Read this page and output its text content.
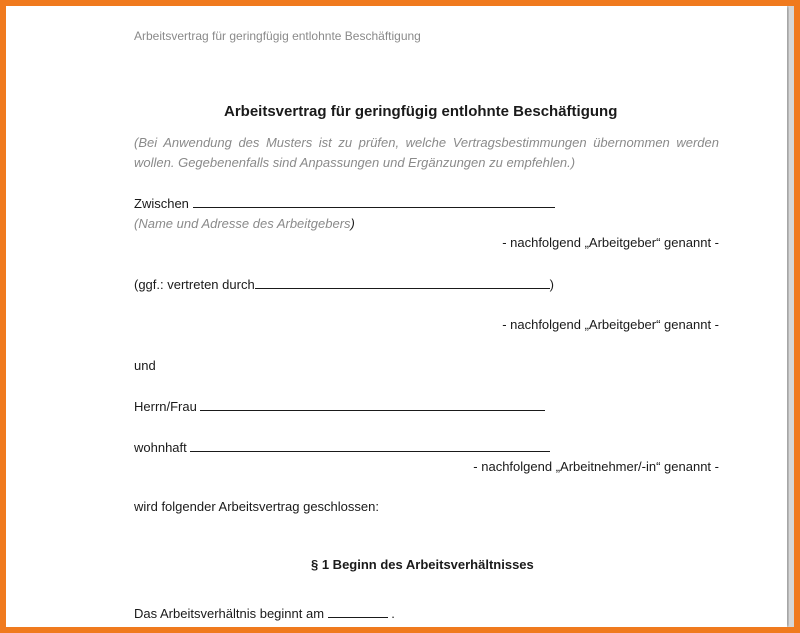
Arbeitsvertrag für geringfügig entlohnte Beschäftigung
Arbeitsvertrag für geringfügig entlohnte Beschäftigung
(Bei Anwendung des Musters ist zu prüfen, welche Vertragsbestimmungen übernommen werden
wollen. Gegebenenfalls sind Anpassungen und Ergänzungen zu empfehlen.)
Zwischen
(Name und Adresse des Arbeitgebers)
- nachfolgend „Arbeitgeber“ genannt -
(ggf.: vertreten durch	)
- nachfolgend „Arbeitgeber“ genannt -
und
Herrn/Frau
wohnhaft
- nachfolgend „Arbeitnehmer/-in“ genannt -
wird folgender Arbeitsvertrag geschlossen:
§ 1 Beginn des Arbeitsverhältnisses
Das Arbeitsverhältnis beginnt am	.
